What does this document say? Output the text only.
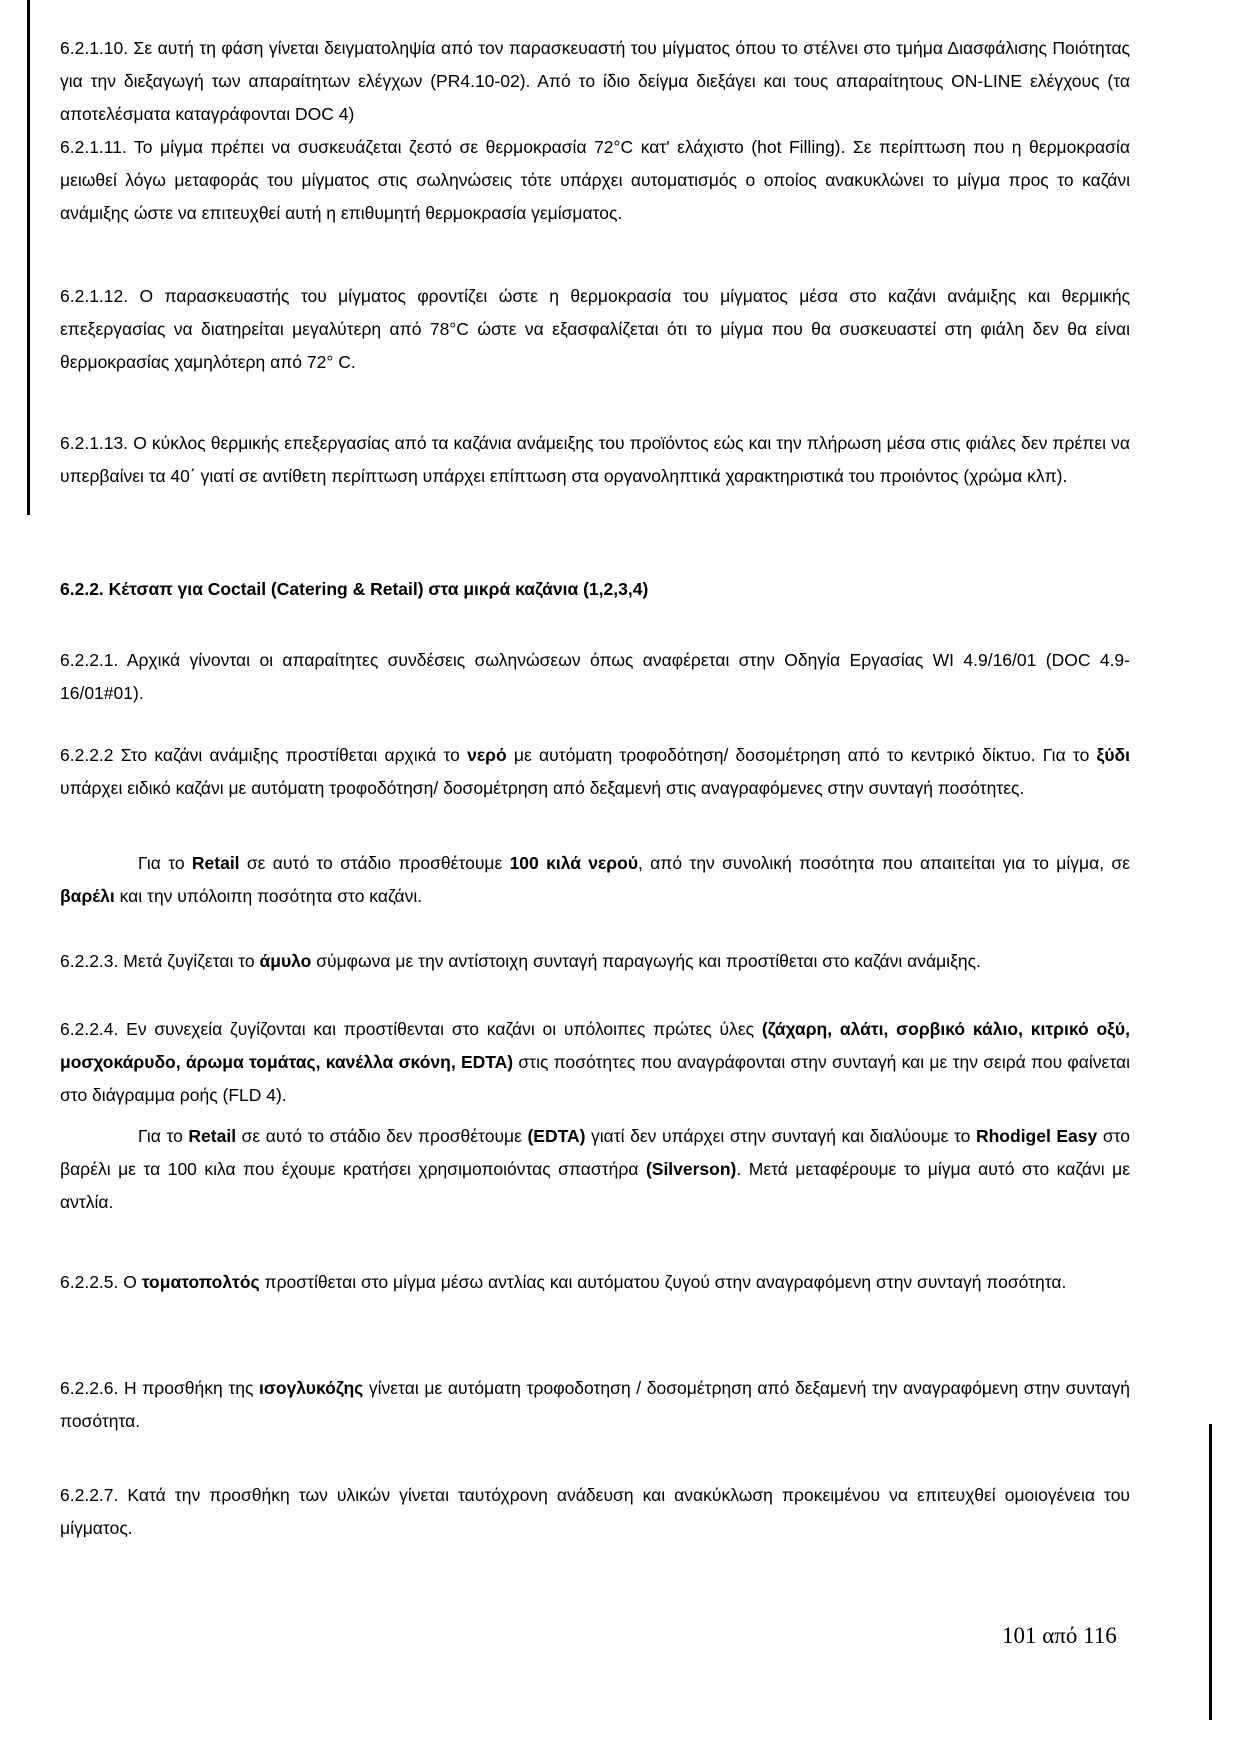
6.2.1.10. Σε αυτή τη φάση γίνεται δειγματοληψία από τον παρασκευαστή του μίγματος όπου το στέλνει στο τμήμα Διασφάλισης Ποιότητας για την διεξαγωγή των απαραίτητων ελέγχων (PR4.10-02). Από το ίδιο δείγμα διεξάγει και τους απαραίτητους ON-LINE ελέγχους (τα αποτελέσματα καταγράφονται DOC 4)

6.2.1.11. Το μίγμα πρέπει να συσκευάζεται ζεστό σε θερμοκρασία 72°C κατ' ελάχιστο (hot Filling). Σε περίπτωση που η θερμοκρασία μειωθεί λόγω μεταφοράς του μίγματος στις σωληνώσεις τότε υπάρχει αυτοματισμός ο οποίος ανακυκλώνει το μίγμα προς το καζάνι ανάμιξης ώστε να επιτευχθεί αυτή η επιθυμητή θερμοκρασία γεμίσματος.

6.2.1.12. Ο παρασκευαστής του μίγματος φροντίζει ώστε η θερμοκρασία του μίγματος μέσα στο καζάνι ανάμιξης και θερμικής επεξεργασίας να διατηρείται μεγαλύτερη από 78°C ώστε να εξασφαλίζεται ότι το μίγμα που θα συσκευαστεί στη φιάλη δεν θα είναι θερμοκρασίας χαμηλότερη από 72° C.

6.2.1.13. Ο κύκλος θερμικής επεξεργασίας από τα καζάνια ανάμειξης του προϊόντος εώς και την πλήρωση μέσα στις φιάλες δεν πρέπει να υπερβαίνει τα 40΄ γιατί σε αντίθετη περίπτωση υπάρχει επίπτωση στα οργανοληπτικά χαρακτηριστικά του προιόντος (χρώμα κλπ).

6.2.2. Κέτσαπ για Coctail (Catering & Retail) στα μικρά καζάνια (1,2,3,4)

6.2.2.1. Αρχικά γίνονται οι απαραίτητες συνδέσεις σωληνώσεων όπως αναφέρεται στην Οδηγία Εργασίας WI 4.9/16/01 (DOC 4.9-16/01#01).

6.2.2.2 Στο καζάνι ανάμιξης προστίθεται αρχικά το νερό με αυτόματη τροφοδότηση/ δοσομέτρηση από το κεντρικό δίκτυο. Για το ξύδι υπάρχει ειδικό καζάνι με αυτόματη τροφοδότηση/ δοσομέτρηση από δεξαμενή στις αναγραφόμενες στην συνταγή ποσότητες.

Για το Retail σε αυτό το στάδιο προσθέτουμε 100 κιλά νερού, από την συνολική ποσότητα που απαιτείται για το μίγμα, σε βαρέλι και την υπόλοιπη ποσότητα στο καζάνι.

6.2.2.3. Μετά ζυγίζεται το άμυλο σύμφωνα με την αντίστοιχη συνταγή παραγωγής και προστίθεται στο καζάνι ανάμιξης.

6.2.2.4. Εν συνεχεία ζυγίζονται και προστίθενται στο καζάνι οι υπόλοιπες πρώτες ύλες (ζάχαρη, αλάτι, σορβικό κάλιο, κιτρικό οξύ, μοσχοκάρυδο, άρωμα τομάτας, κανέλλα σκόνη, EDTA) στις ποσότητες που αναγράφονται στην συνταγή και με την σειρά που φαίνεται στο διάγραμμα ροής (FLD 4).

Για το Retail σε αυτό το στάδιο δεν προσθέτουμε (EDTA) γιατί δεν υπάρχει στην συνταγή και διαλύουμε το Rhodigel Easy στο βαρέλι με τα 100 κιλα που έχουμε κρατήσει χρησιμοποιόντας σπαστήρα (Silverson). Μετά μεταφέρουμε το μίγμα αυτό στο καζάνι με αντλία.

6.2.2.5. Ο τοματοπολτός προστίθεται στο μίγμα μέσω αντλίας και αυτόματου ζυγού στην αναγραφόμενη στην συνταγή ποσότητα.

6.2.2.6. Η προσθήκη της ισογλυκόζης γίνεται με αυτόματη τροφοδοτηση / δοσομέτρηση από δεξαμενή την αναγραφόμενη στην συνταγή ποσότητα.

6.2.2.7. Κατά την προσθήκη των υλικών γίνεται ταυτόχρονη ανάδευση και ανακύκλωση προκειμένου να επιτευχθεί ομοιογένεια του μίγματος.

101 από 116
